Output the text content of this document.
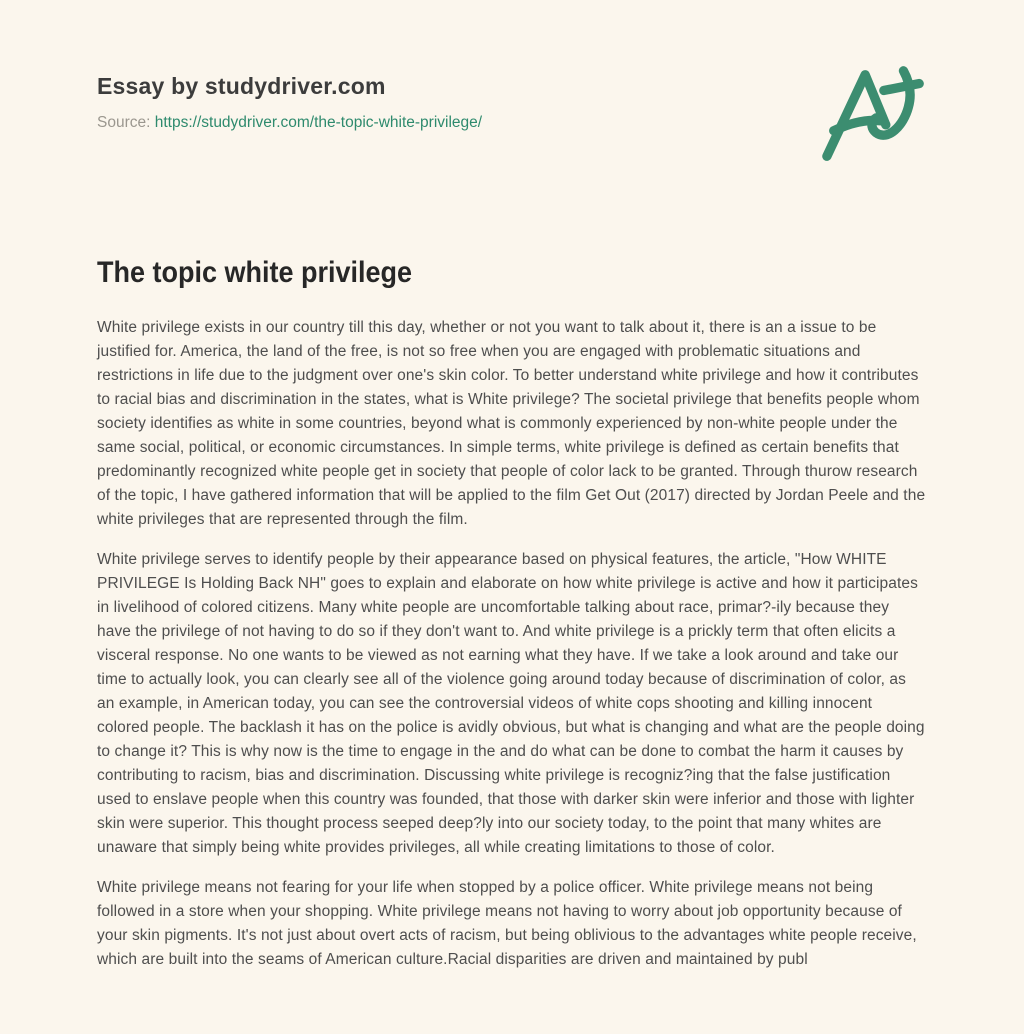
Essay by studydriver.com

Source: https://studydriver.com/the-topic-white-privilege/

The topic white privilege

White privilege exists in our country till this day, whether or not you want to talk about it, there is an a issue to be justified for. America, the land of the free, is not so free when you are engaged with problematic situations and restrictions in life due to the judgment over one's skin color. To better understand white privilege and how it contributes to racial bias and discrimination in the states, what is White privilege? The societal privilege that benefits people whom society identifies as white in some countries, beyond what is commonly experienced by non-white people under the same social, political, or economic circumstances. In simple terms, white privilege is defined as certain benefits that predominantly recognized white people get in society that people of color lack to be granted. Through thurow research of the topic, I have gathered information that will be applied to the film Get Out (2017) directed by Jordan Peele and the white privileges that are represented through the film.

White privilege serves to identify people by their appearance based on physical features, the article, "How WHITE PRIVILEGE Is Holding Back NH" goes to explain and elaborate on how white privilege is active and how it participates in livelihood of colored citizens. Many white people are uncomfortable talking about race, primar?-ily because they have the privilege of not having to do so if they don't want to. And white privilege is a prickly term that often elicits a visceral response. No one wants to be viewed as not earning what they have. If we take a look around and take our time to actually look, you can clearly see all of the violence going around today because of discrimination of color, as an example, in American today, you can see the controversial videos of white cops shooting and killing innocent colored people. The backlash it has on the police is avidly obvious, but what is changing and what are the people doing to change it? This is why now is the time to engage in the and do what can be done to combat the harm it causes by contributing to racism, bias and discrimination. Discussing white privilege is recogniz?ing that the false justification used to enslave people when this country was founded, that those with darker skin were inferior and those with lighter skin were superior. This thought process seeped deep?ly into our society today, to the point that many whites are unaware that simply being white provides privileges, all while creating limitations to those of color.

White privilege means not fearing for your life when stopped by a police officer. White privilege means not being followed in a store when your shopping. White privilege means not having to worry about job opportunity because of your skin pigments. It's not just about overt acts of racism, but being oblivious to the advantages white people receive, which are built into the seams of American culture.Racial disparities are driven and maintained by publ
